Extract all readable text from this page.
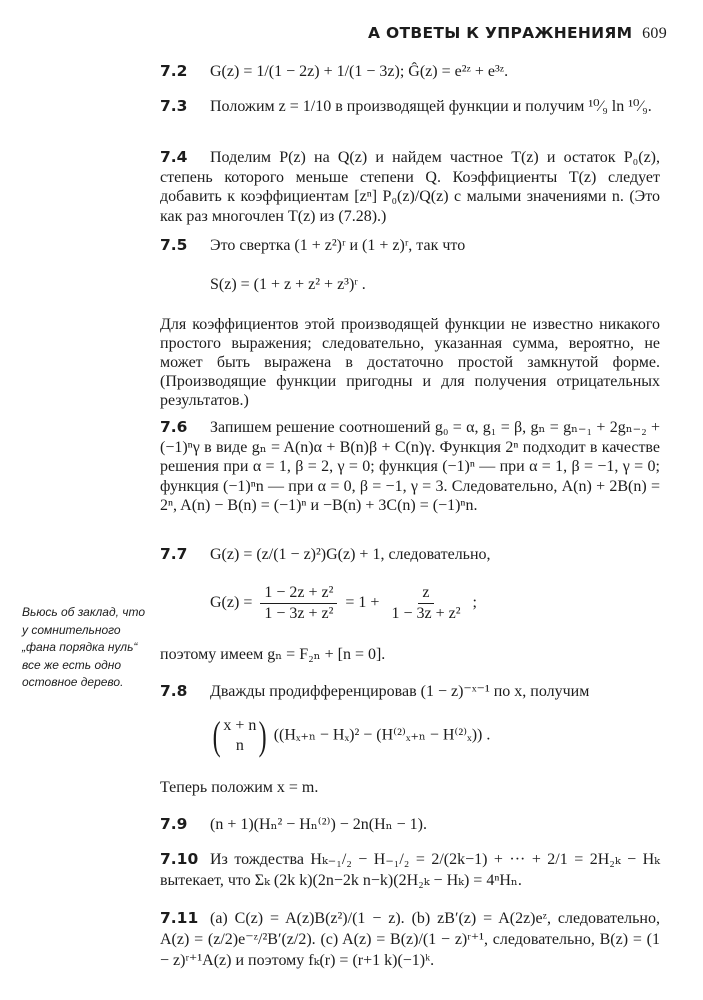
А ОТВЕТЫ К УПРАЖНЕНИЯМ 609
Вьюсь об заклад, что у сомнительного „фана порядка нуль“ все же есть одно остовное дерево.
7.2 G(z) = 1/(1 − 2z) + 1/(1 − 3z); Ĝ(z) = e²ᶻ + e³ᶻ.
7.3 Положим z = 1/10 в производящей функции и получим ¹⁰⁄₉ ln ¹⁰⁄₉.
7.4 Поделим P(z) на Q(z) и найдем частное T(z) и остаток P₀(z), степень которого меньше степени Q. Коэффициенты T(z) следует добавить к коэффициентам [zⁿ] P₀(z)/Q(z) с малыми значениями n. (Это как раз многочлен T(z) из (7.28).)
7.5 Это свертка (1 + z²)ʳ и (1 + z)ʳ, так что
S(z) = (1 + z + z² + z³)ʳ .
Для коэффициентов этой производящей функции не известно никакого простого выражения; следовательно, указанная сумма, вероятно, не может быть выражена в достаточно простой замкнутой форме. (Производящие функции пригодны и для получения отрицательных результатов.)
7.6 Запишем решение соотношений g₀ = α, g₁ = β, gₙ = gₙ₋₁ + 2gₙ₋₂ + (−1)ⁿγ в виде gₙ = A(n)α + B(n)β + C(n)γ. Функция 2ⁿ подходит в качестве решения при α = 1, β = 2, γ = 0; функция (−1)ⁿ — при α = 1, β = −1, γ = 0; функция (−1)ⁿn — при α = 0, β = −1, γ = 3. Следовательно, A(n) + 2B(n) = 2ⁿ, A(n) − B(n) = (−1)ⁿ и −B(n) + 3C(n) = (−1)ⁿn.
7.7 G(z) = (z/(1 − z)²)G(z) + 1, следовательно,
$G(z) = \frac{\text{1 − 2z + z²}}{\text{1 − 3z + z²}} = 1 + \frac{z}{\text{1 − 3z + z²}}$ ;
поэтому имеем gₙ = F₂ₙ + [n = 0].
7.8 Дважды продифференцировав (1 − z)⁻ˣ⁻¹ по x, получим
( x + n
n ) ((Hₓ₊ₙ − Hₓ)² − (H⁽²⁾ₓ₊ₙ − H⁽²⁾ₓ)) .
Теперь положим x = m.
7.9 (n + 1)(Hₙ² − Hₙ⁽²⁾) − 2n(Hₙ − 1).
7.10 Из тождества Hₖ₋₁/₂ − H₋₁/₂ = 2/(2k−1) + ··· + 2/1 = 2H₂ₖ − Hₖ вытекает, что Σₖ (2k k)(2n−2k n−k)(2H₂ₖ − Hₖ) = 4ⁿHₙ.
7.11 (a) C(z) = A(z)B(z²)/(1 − z). (b) zB′(z) = A(2z)eᶻ, следовательно, A(z) = (z/2)e⁻ᶻ/²B′(z/2). (c) A(z) = B(z)/(1 − z)ʳ⁺¹, следовательно, B(z) = (1 − z)ʳ⁺¹A(z) и поэтому fₖ(r) = (r+1 k)(−1)ᵏ.
